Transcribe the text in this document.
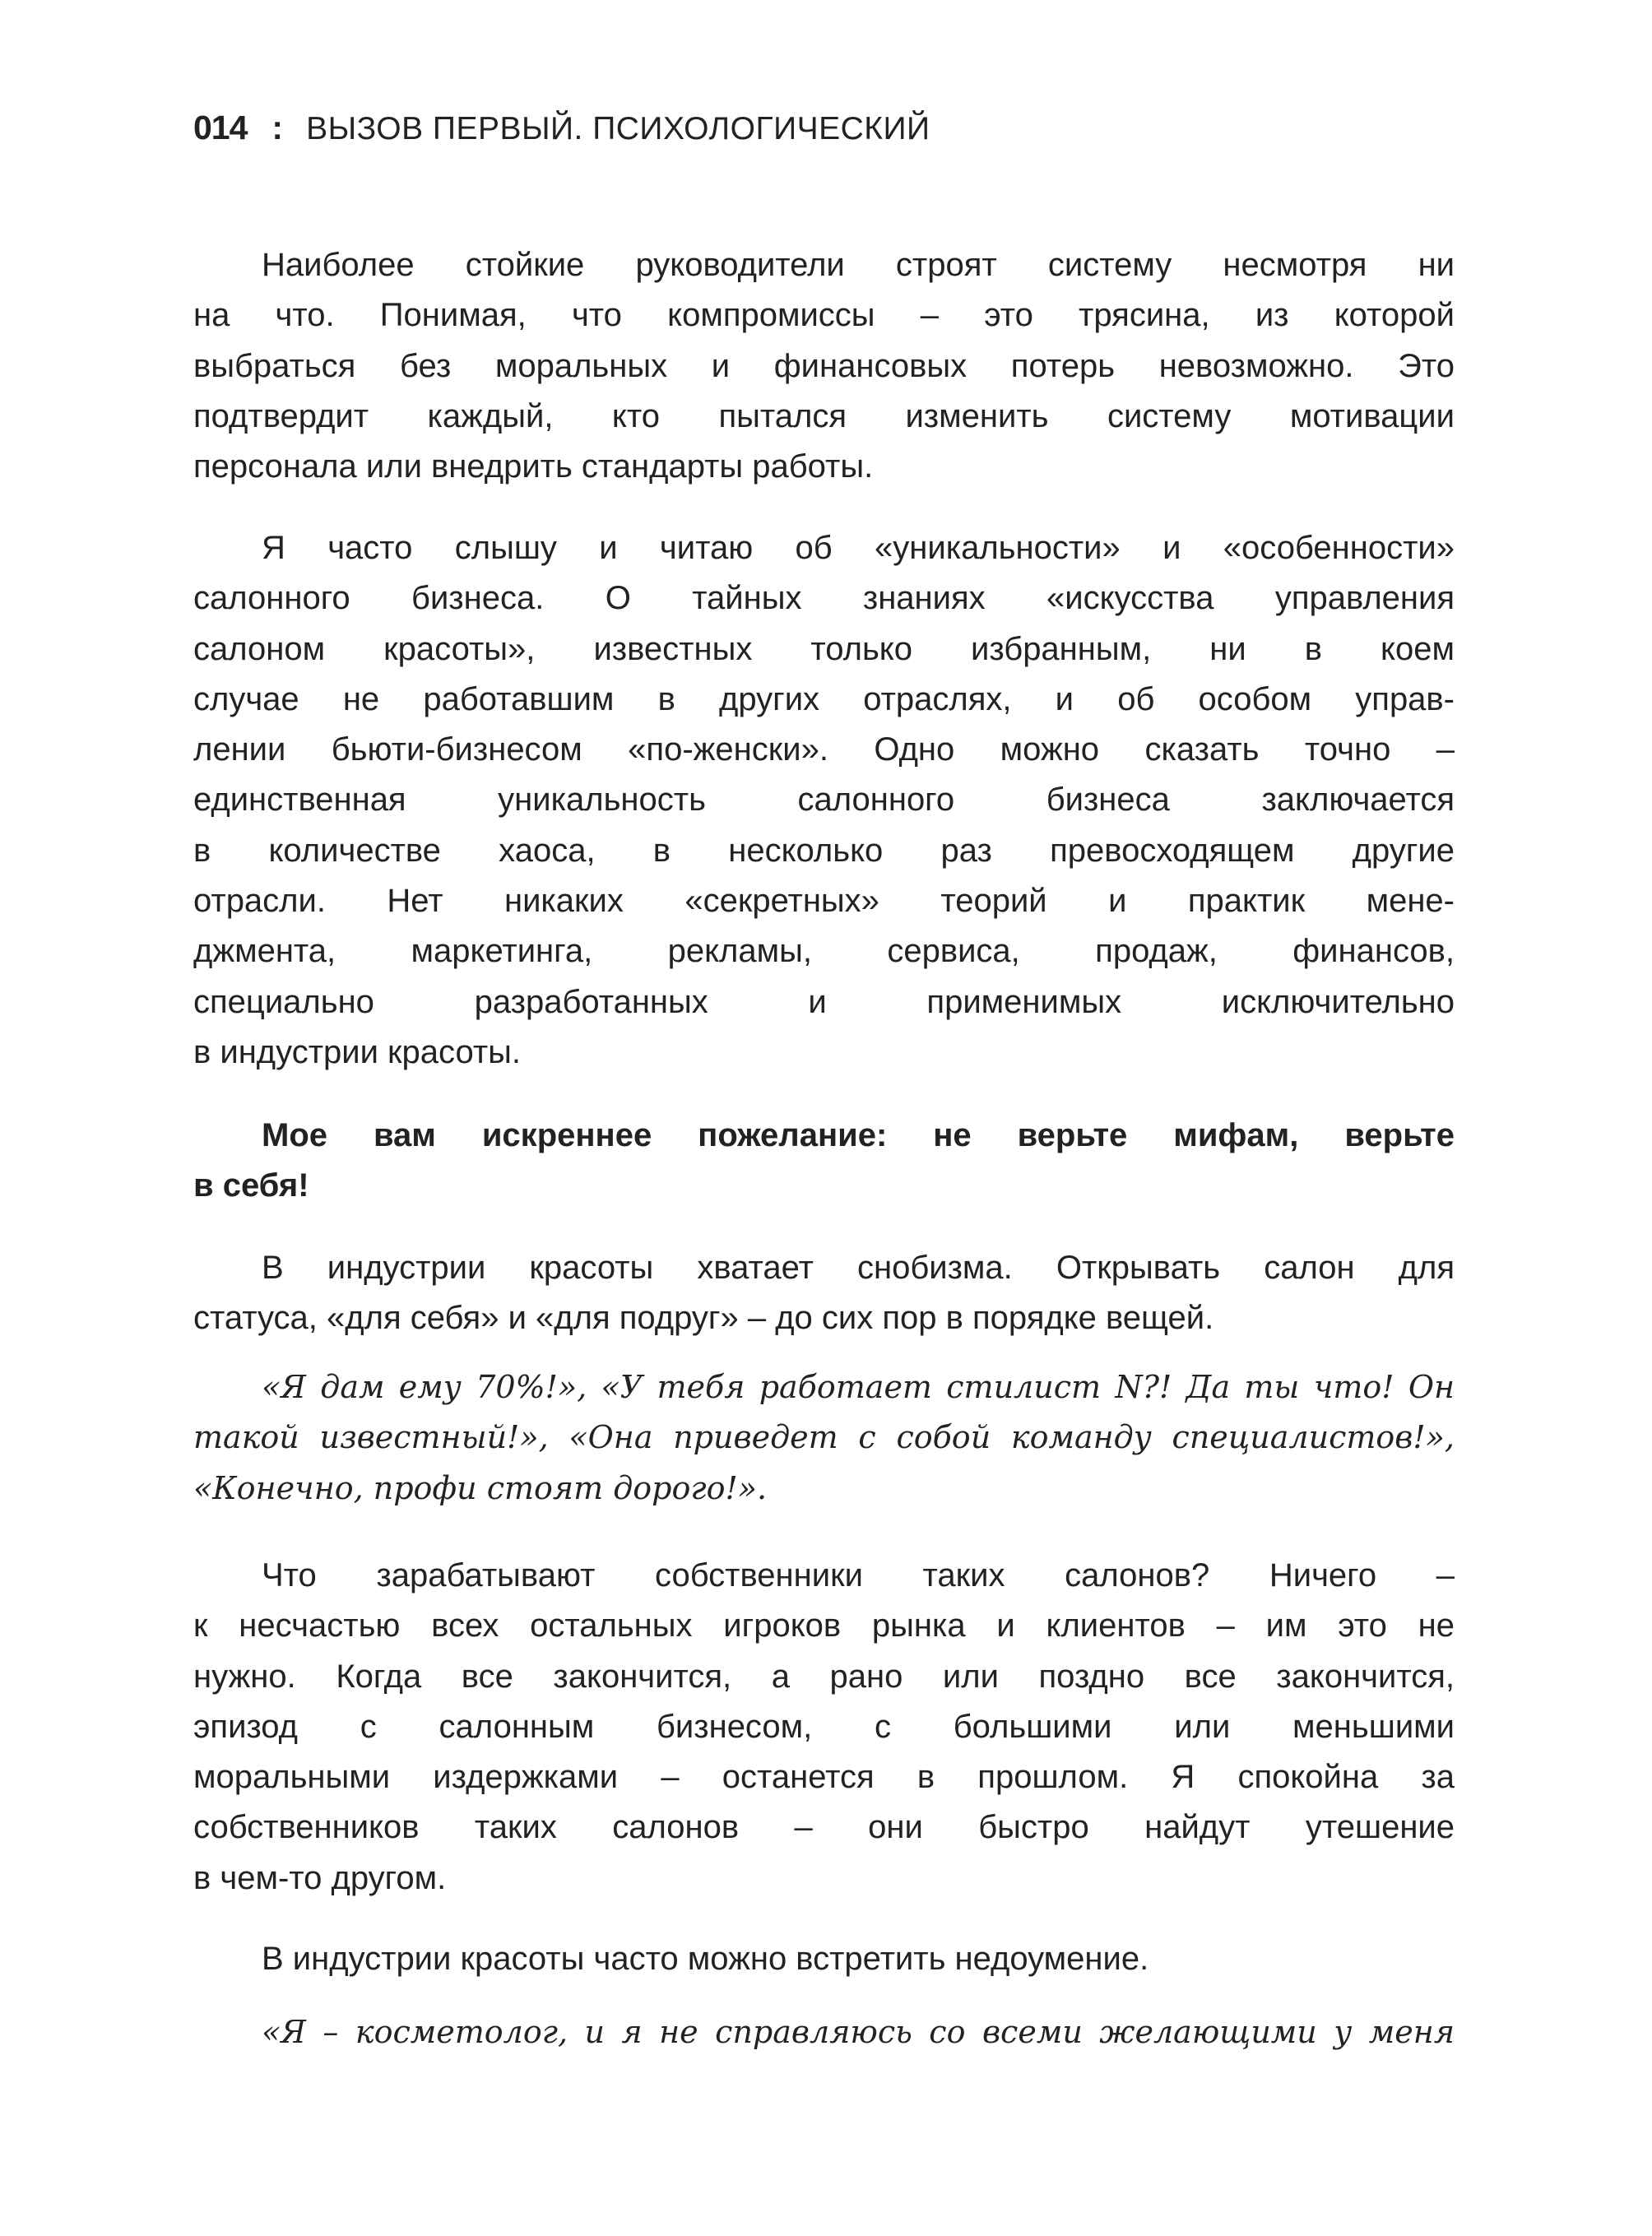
014 : ВЫЗОВ ПЕРВЫЙ. ПСИХОЛОГИЧЕСКИЙ
Наиболее стойкие руководители строят систему несмотря ни
на что. Понимая, что компромиссы – это трясина, из которой
выбраться без моральных и финансовых потерь невозможно. Это
подтвердит каждый, кто пытался изменить систему мотивации
персонала или внедрить стандарты работы.
Я часто слышу и читаю об «уникальности» и «особенности»
салонного бизнеса. О тайных знаниях «искусства управления
салоном красоты», известных только избранным, ни в коем
случае не работавшим в других отраслях, и об особом управ-
лении бьюти-бизнесом «по-женски». Одно можно сказать точно –
единственная уникальность салонного бизнеса заключается
в количестве хаоса, в несколько раз превосходящем другие
отрасли. Нет никаких «секретных» теорий и практик мене-
джмента, маркетинга, рекламы, сервиса, продаж, финансов,
специально разработанных и применимых исключительно
в индустрии красоты.
Мое вам искреннее пожелание: не верьте мифам, верьте
в себя!
В индустрии красоты хватает снобизма. Открывать салон для
статуса, «для себя» и «для подруг» – до сих пор в порядке вещей.
«Я дам ему 70%!», «У тебя работает стилист N?! Да ты что! Он
такой известный!», «Она приведет с собой команду специалистов!»,
«Конечно, профи стоят дорого!».
Что зарабатывают собственники таких салонов? Ничего –
к несчастью всех остальных игроков рынка и клиентов – им это не
нужно. Когда все закончится, а рано или поздно все закончится,
эпизод с салонным бизнесом, с большими или меньшими
моральными издержками – останется в прошлом. Я спокойна за
собственников таких салонов – они быстро найдут утешение
в чем-то другом.
В индустрии красоты часто можно встретить недоумение.
«Я – косметолог, и я не справляюсь со всеми желающими у меня
